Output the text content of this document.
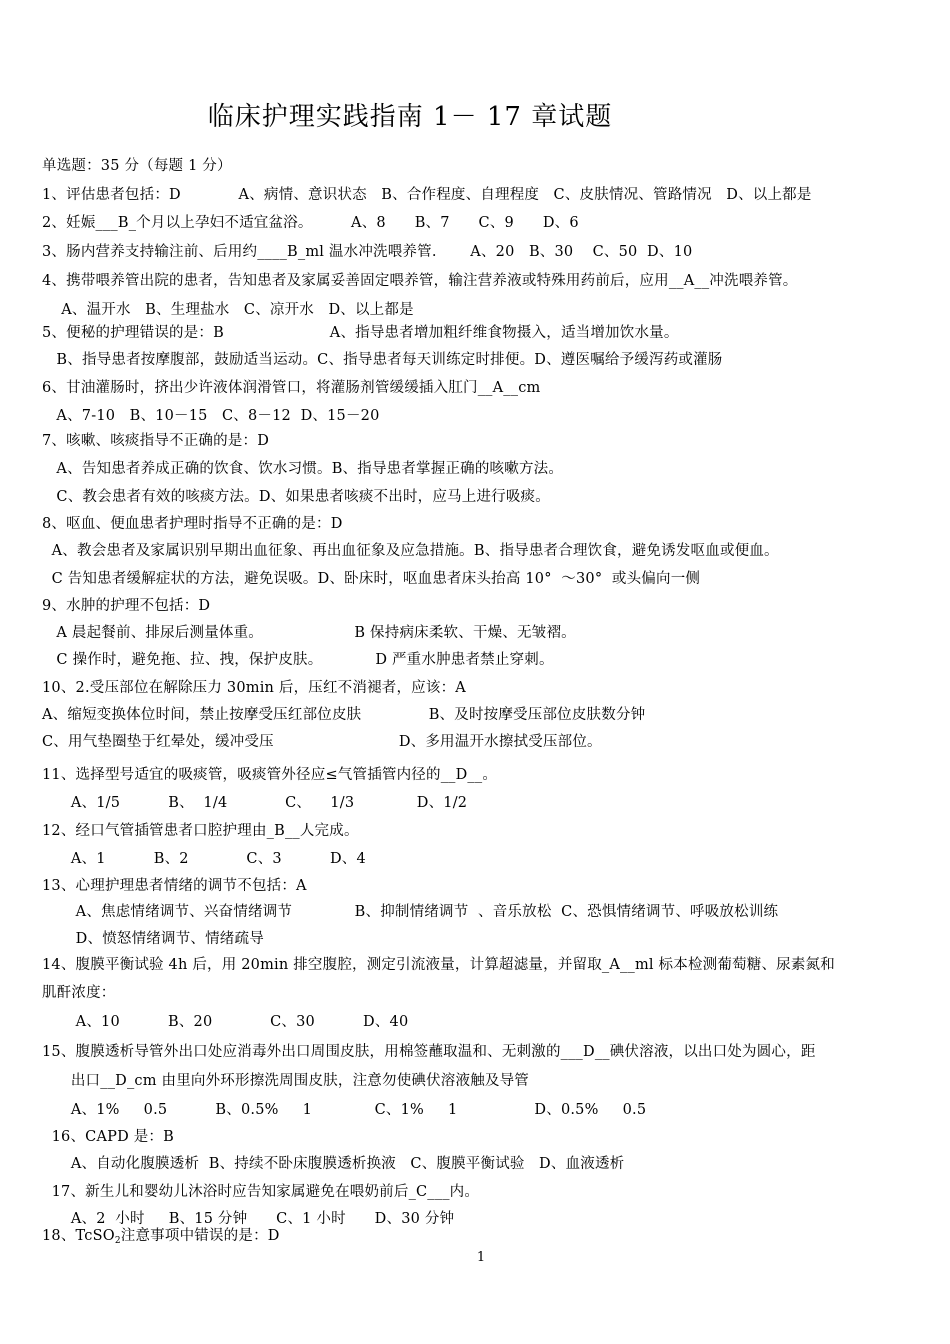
临床护理实践指南 1－ 17 章试题
单选题：35 分（每题 1 分）
1、评估患者包括：D            A、病情、意识状态   B、合作程度、自理程度   C、皮肤情况、管路情况   D、以上都是
2、妊娠___B_个月以上孕妇不适宜盆浴。        A、8      B、7      C、9      D、6
3、肠内营养支持输注前、后用约____B_ml 温水冲洗喂养管.       A、20   B、30    C、50  D、10
4、携带喂养管出院的患者，告知患者及家属妥善固定喂养管，输注营养液或特殊用药前后，应用__A__冲洗喂养管。
A、温开水   B、生理盐水   C、凉开水   D、以上都是
5、便秘的护理错误的是：B                      A、指导患者增加粗纤维食物摄入，适当增加饮水量。
B、指导患者按摩腹部，鼓励适当运动。C、指导患者每天训练定时排便。D、遵医嘱给予缓泻药或灌肠
6、甘油灌肠时，挤出少许液体润滑管口，将灌肠剂管缓缓插入肛门__A__cm
A、7-10   B、10－15   C、8－12  D、15－20
7、咳嗽、咳痰指导不正确的是：D
A、告知患者养成正确的饮食、饮水习惯。B、指导患者掌握正确的咳嗽方法。
C、教会患者有效的咳痰方法。D、如果患者咳痰不出时，应马上进行吸痰。
8、呕血、便血患者护理时指导不正确的是：D
A、教会患者及家属识别早期出血征象、再出血征象及应急措施。B、指导患者合理饮食，避免诱发呕血或便血。
C 告知患者缓解症状的方法，避免误吸。D、卧床时，呕血患者床头抬高 10°  ～30°  或头偏向一侧
9、水肿的护理不包括：D
A 晨起餐前、排尿后测量体重。                   B 保持病床柔软、干燥、无皱褶。
C 操作时，避免拖、拉、拽，保护皮肤。           D 严重水肿患者禁止穿刺。
10、2.受压部位在解除压力 30min 后，压红不消褪者，应该：A
A、缩短变换体位时间，禁止按摩受压红部位皮肤              B、及时按摩受压部位皮肤数分钟
C、用气垫圈垫于红晕处，缓冲受压                          D、多用温开水擦拭受压部位。
11、选择型号适宜的吸痰管，吸痰管外径应≤气管插管内径的__D__。
A、1/5          B、  1/4            C、    1/3             D、1/2
12、经口气管插管患者口腔护理由_B__人完成。
A、1          B、2            C、3          D、4
13、心理护理患者情绪的调节不包括：A
A、焦虑情绪调节、兴奋情绪调节             B、抑制情绪调节  、音乐放松  C、恐惧情绪调节、呼吸放松训练
D、愤怒情绪调节、情绪疏导
14、腹膜平衡试验 4h 后，用 20min 排空腹腔，测定引流液量，计算超滤量，并留取_A__ml 标本检测葡萄糖、尿素氮和
肌酐浓度：
A、10          B、20            C、30          D、40
15、腹膜透析导管外出口处应消毒外出口周围皮肤，用棉签蘸取温和、无刺激的___D__碘伏溶液，以出口处为圆心，距
出口__D_cm 由里向外环形擦洗周围皮肤，注意勿使碘伏溶液触及导管
A、1%     0.5          B、0.5%     1             C、1%     1                D、0.5%     0.5
16、CAPD 是：B
A、自动化腹膜透析  B、持续不卧床腹膜透析换液   C、腹膜平衡试验   D、血液透析
17、新生儿和婴幼儿沐浴时应告知家属避免在喂奶前后_C___内。
A、2  小时     B、15 分钟      C、1 小时      D、30 分钟
18、TcSO$_2$注意事项中错误的是：D
1
